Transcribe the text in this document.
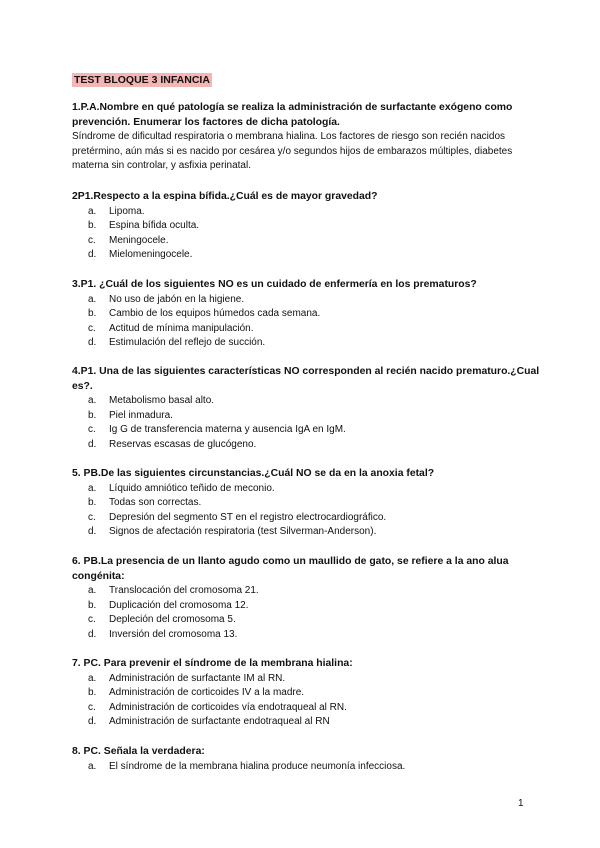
TEST BLOQUE 3 INFANCIA

1.P.A.Nombre en qué patología se realiza la administración de surfactante exógeno como prevención. Enumerar los factores de dicha patología.

Síndrome de dificultad respiratoria o membrana hialina. Los factores de riesgo son recién nacidos pretérmino, aún más si es nacido por cesárea y/o segundos hijos de embarazos múltiples, diabetes materna sin controlar, y asfixia perinatal.

2P1.Respecto a la espina bífida.¿Cuál es de mayor gravedad?

a. Lipoma.
b. Espina bífida oculta.
c. Meningocele.
d. Mielomeningocele.

3.P1. ¿Cuál de los siguientes NO es un cuidado de enfermería en los prematuros?

a. No uso de jabón en la higiene.
b. Cambio de los equipos húmedos cada semana.
c. Actitud de mínima manipulación.
d. Estimulación del reflejo de succión.

4.P1. Una de las siguientes características NO corresponden al recién nacido prematuro.¿Cual es?.

a. Metabolismo basal alto.
b. Piel inmadura.
c. Ig G de transferencia materna y ausencia IgA en IgM.
d. Reservas escasas de glucógeno.

5. PB.De las siguientes circunstancias.¿Cuál NO se da en la anoxia fetal?

a. Líquido amniótico teñido de meconio.
b. Todas son correctas.
c. Depresión del segmento ST en el registro electrocardiográfico.
d. Signos de afectación respiratoria (test Silverman-Anderson).

6. PB.La presencia de un llanto agudo como un maullido de gato, se refiere a la ano alua congénita:

a. Translocación del cromosoma 21.
b. Duplicación del cromosoma 12.
c. Depleción del cromosoma 5.
d. Inversión del cromosoma 13.

7. PC. Para prevenir el síndrome de la membrana hialina:

a. Administración de surfactante IM al RN.
b. Administración de corticoides IV a la madre.
c. Administración de corticoides vía endotraqueal al RN.
d. Administración de surfactante endotraqueal al RN

8. PC. Señala la verdadera:

a. El síndrome de la membrana hialina produce neumonía infecciosa.
1
